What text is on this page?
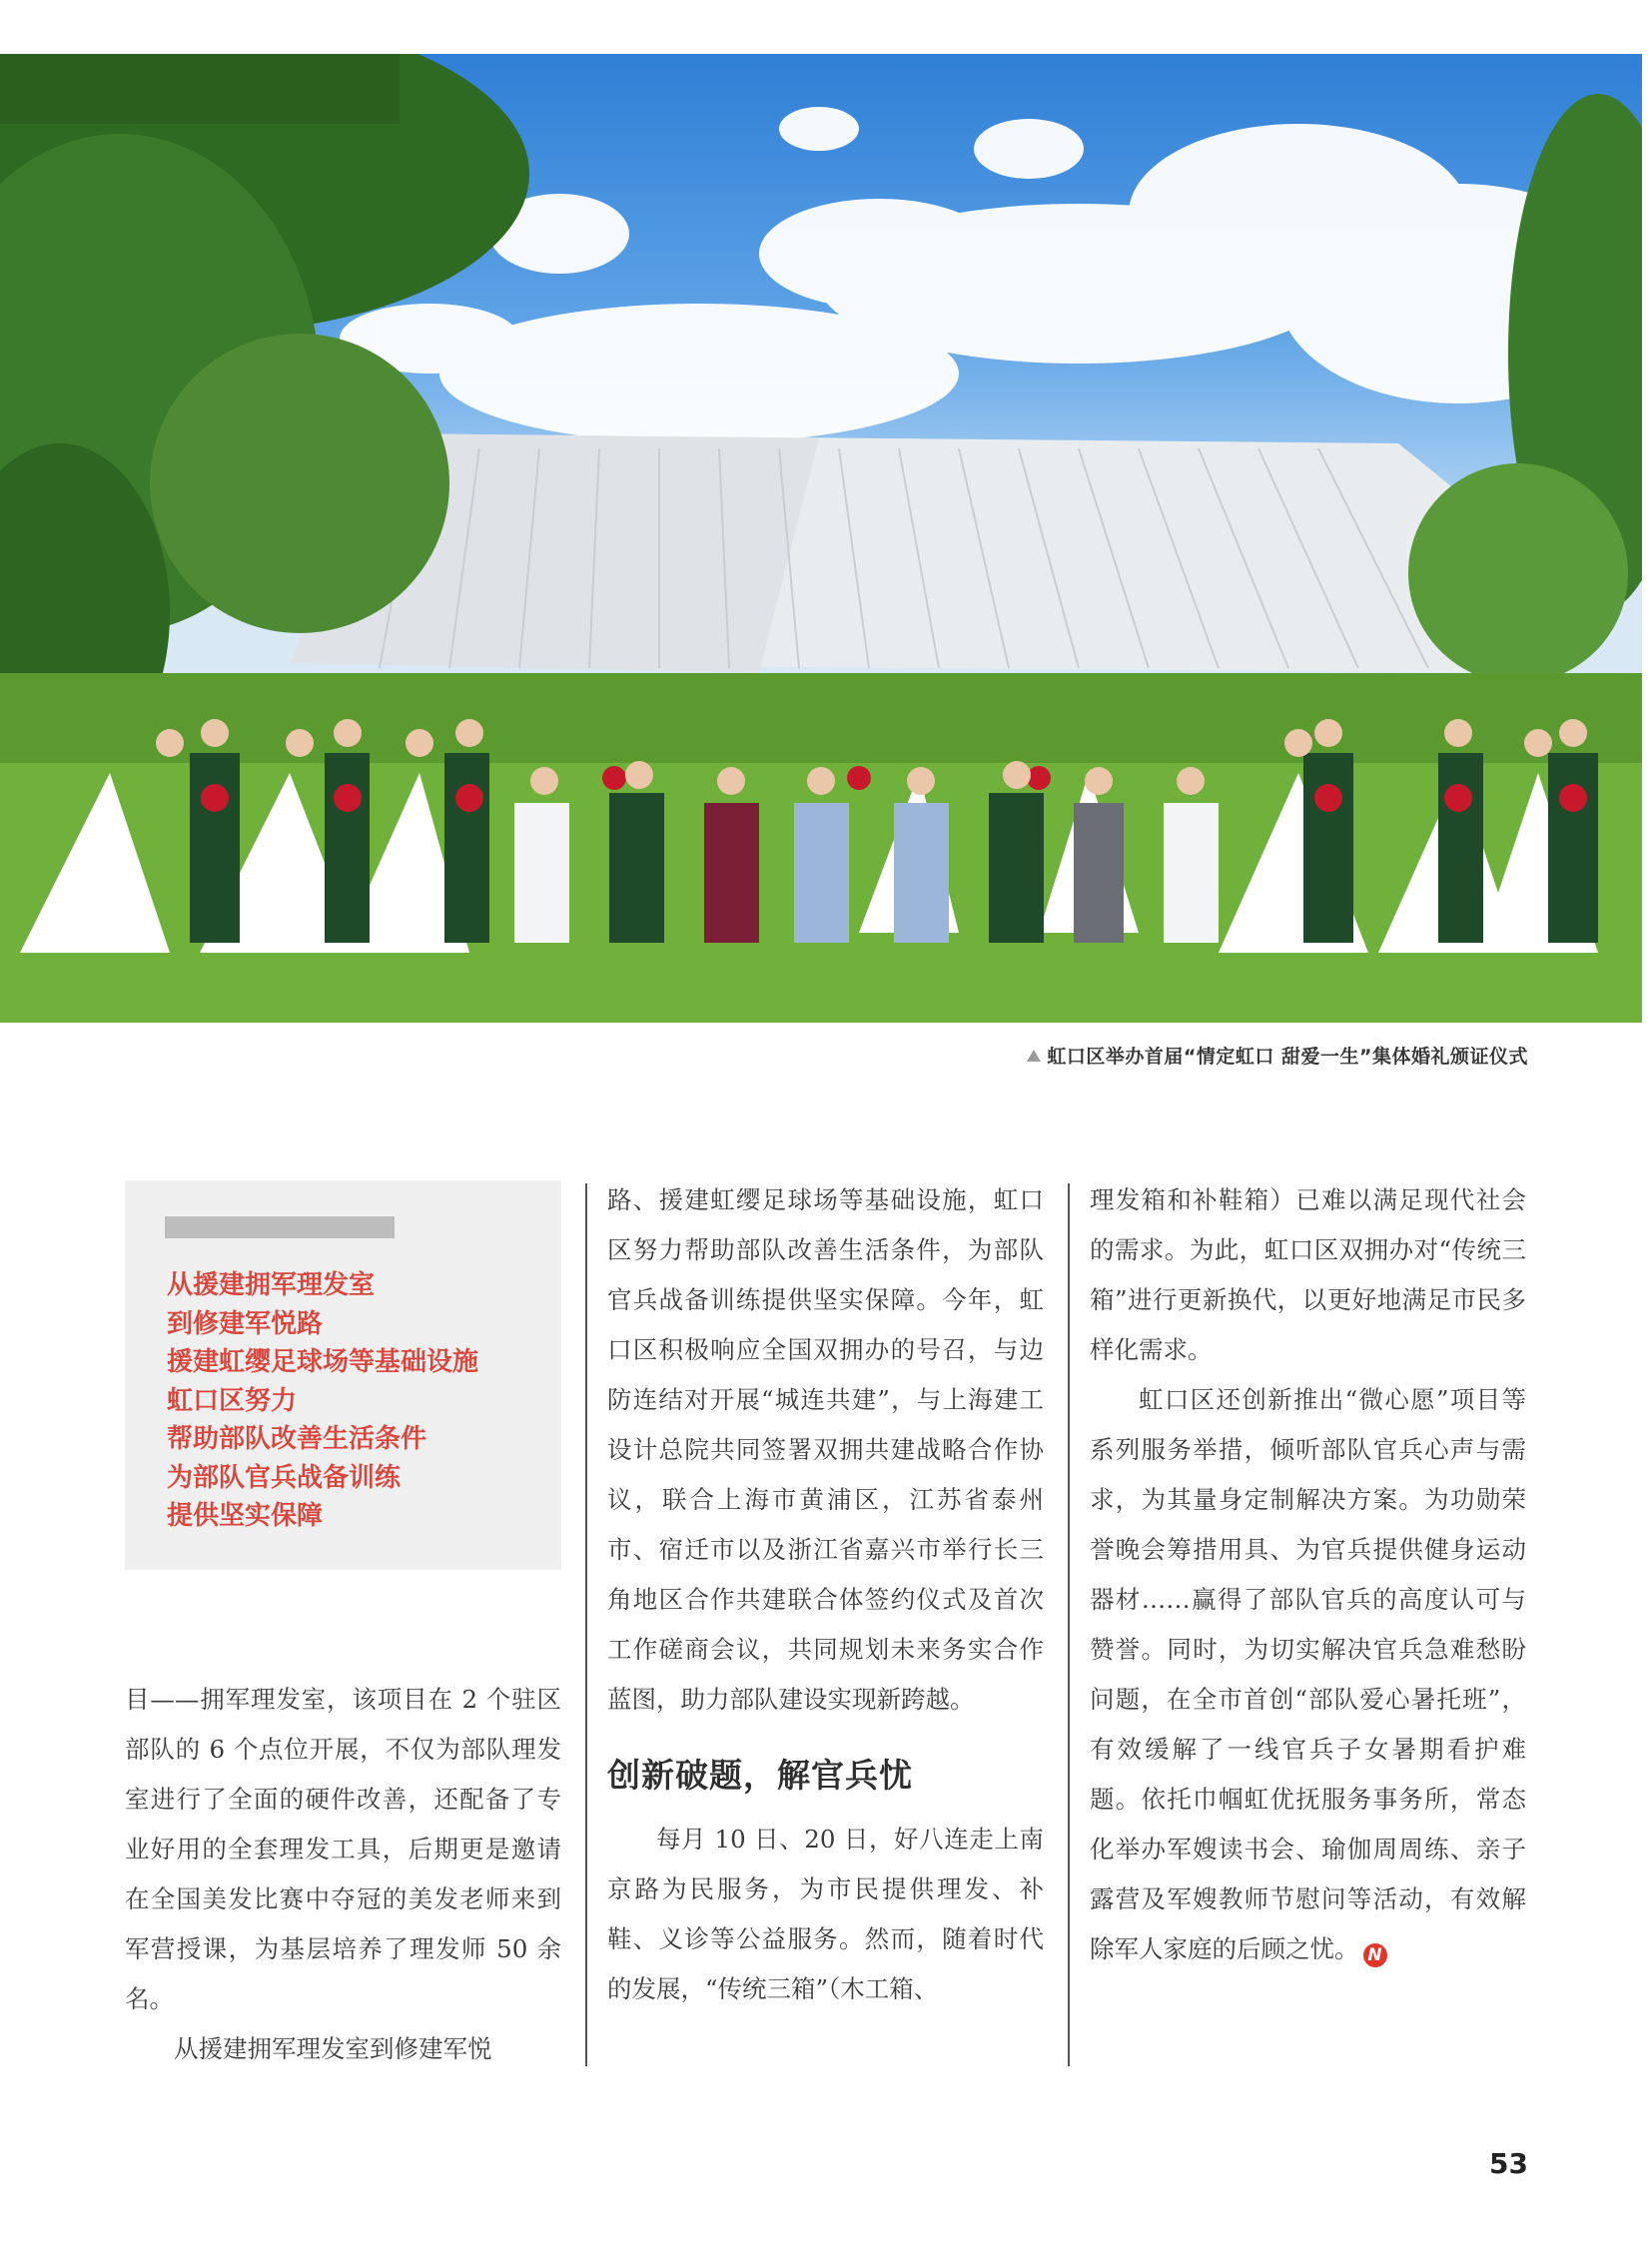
虹口区举办首届“情定虹口 甜爱一生”集体婚礼颁证仪式
从援建拥军理发室
到修建军悦路
援建虹缨足球场等基础设施
虹口区努力
帮助部队改善生活条件
为部队官兵战备训练
提供坚实保障

目——拥军理发室，该项目在 2 个驻区部队的 6 个点位开展，不仅为部队理发室进行了全面的硬件改善，还配备了专业好用的全套理发工具，后期更是邀请在全国美发比赛中夺冠的美发老师来到军营授课，为基层培养了理发师 50 余名。

从援建拥军理发室到修建军悦

路、援建虹缨足球场等基础设施，虹口区努力帮助部队改善生活条件，为部队官兵战备训练提供坚实保障。今年，虹口区积极响应全国双拥办的号召，与边防连结对开展“城连共建”，与上海建工设计总院共同签署双拥共建战略合作协议，联合上海市黄浦区，江苏省泰州市、宿迁市以及浙江省嘉兴市举行长三角地区合作共建联合体签约仪式及首次工作磋商会议，共同规划未来务实合作蓝图，助力部队建设实现新跨越。

创新破题，解官兵忧

每月 10 日、20 日，好八连走上南京路为民服务，为市民提供理发、补鞋、义诊等公益服务。然而，随着时代的发展，“传统三箱”（木工箱、

理发箱和补鞋箱）已难以满足现代社会的需求。为此，虹口区双拥办对“传统三箱”进行更新换代，以更好地满足市民多样化需求。

虹口区还创新推出“微心愿”项目等系列服务举措，倾听部队官兵心声与需求，为其量身定制解决方案。为功勋荣誉晚会筹措用具、为官兵提供健身运动器材……赢得了部队官兵的高度认可与赞誉。同时，为切实解决官兵急难愁盼问题，在全市首创“部队爱心暑托班”，有效缓解了一线官兵子女暑期看护难题。依托巾帼虹优抚服务事务所，常态化举办军嫂读书会、瑜伽周周练、亲子露营及军嫂教师节慰问等活动，有效解除军人家庭的后顾之忧。 N

53
